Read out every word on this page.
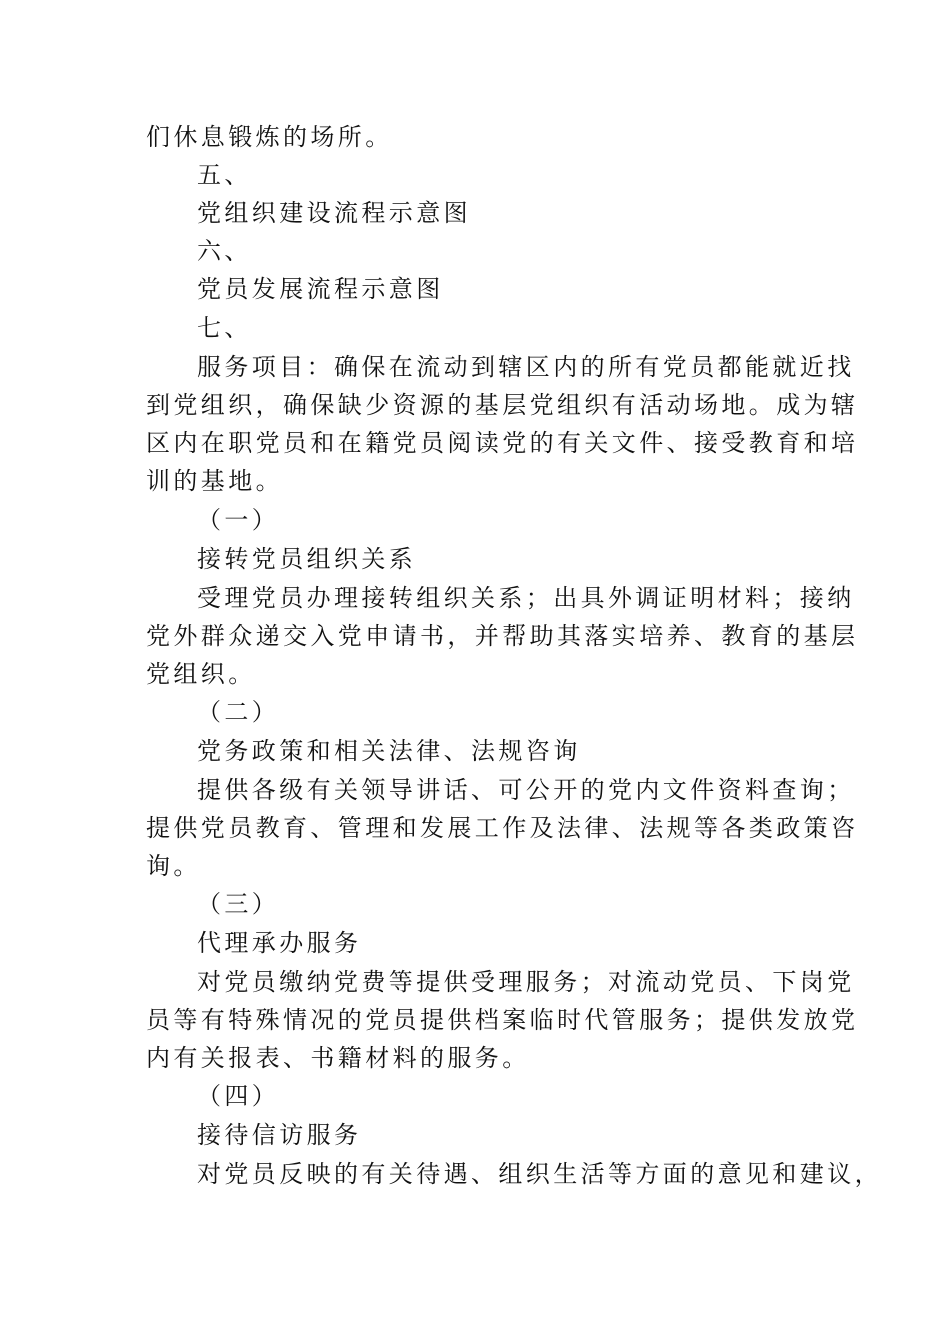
们休息锻炼的场所。
五、
党组织建设流程示意图
六、
党员发展流程示意图
七、
服务项目：确保在流动到辖区内的所有党员都能就近找
到党组织，确保缺少资源的基层党组织有活动场地。成为辖
区内在职党员和在籍党员阅读党的有关文件、接受教育和培
训的基地。
（一）
接转党员组织关系
受理党员办理接转组织关系；出具外调证明材料；接纳
党外群众递交入党申请书，并帮助其落实培养、教育的基层
党组织。
（二）
党务政策和相关法律、法规咨询
提供各级有关领导讲话、可公开的党内文件资料查询；
提供党员教育、管理和发展工作及法律、法规等各类政策咨
询。
（三）
代理承办服务
对党员缴纳党费等提供受理服务；对流动党员、下岗党
员等有特殊情况的党员提供档案临时代管服务；提供发放党
内有关报表、书籍材料的服务。
（四）
接待信访服务
对党员反映的有关待遇、组织生活等方面的意见和建议，
